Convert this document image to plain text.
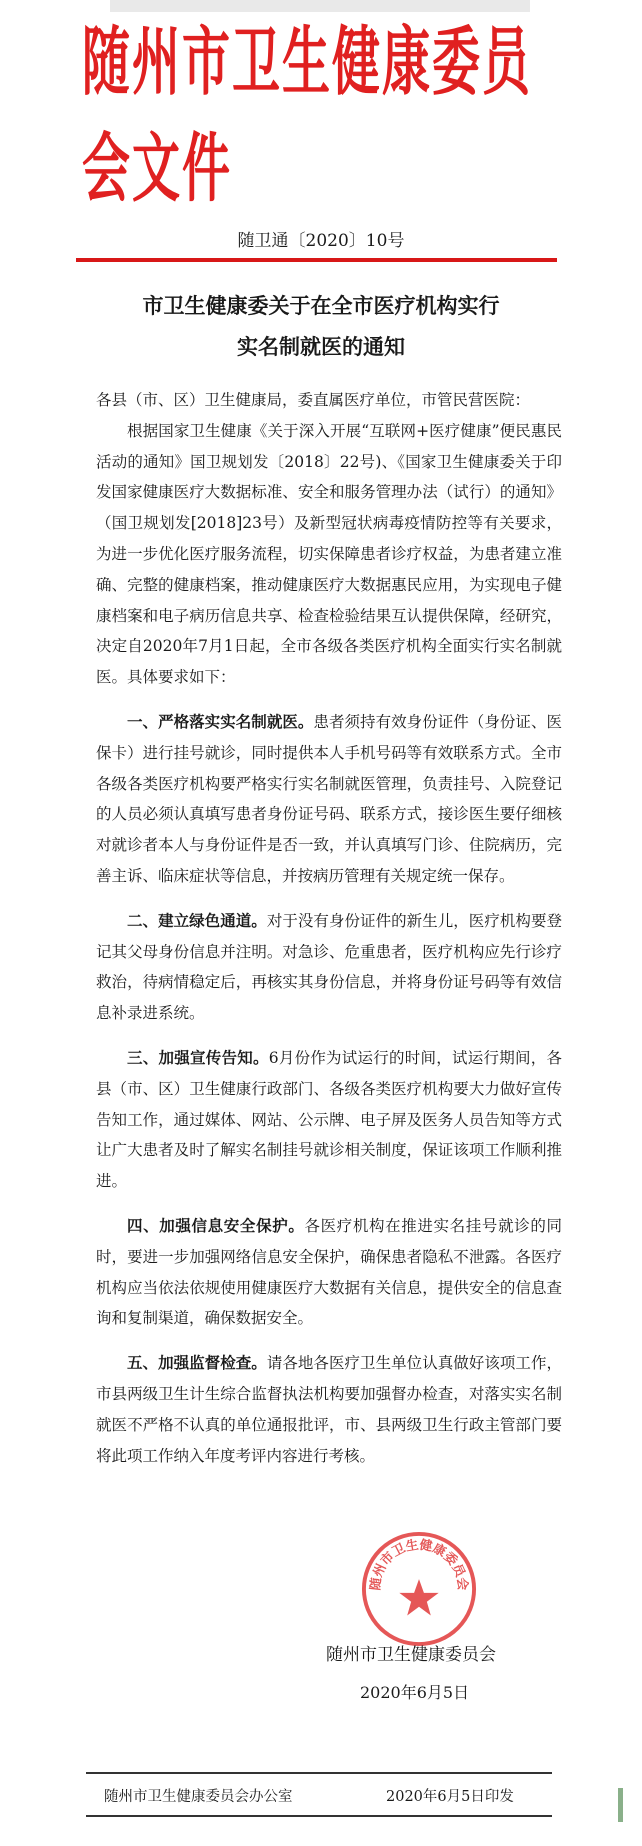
随州市卫生健康委员会文件
随卫通〔2020〕10号
市卫生健康委关于在全市医疗机构实行
实名制就医的通知

各县（市、区）卫生健康局，委直属医疗单位，市管民营医院：

根据国家卫生健康《关于深入开展“互联网+医疗健康”便民惠民活动的通知》国卫规划发〔2018〕22号)、《国家卫生健康委关于印发国家健康医疗大数据标准、安全和服务管理办法（试行）的通知》（国卫规划发[2018]23号）及新型冠状病毒疫情防控等有关要求，为进一步优化医疗服务流程，切实保障患者诊疗权益，为患者建立准确、完整的健康档案，推动健康医疗大数据惠民应用，为实现电子健康档案和电子病历信息共享、检查检验结果互认提供保障，经研究，决定自2020年7月1日起，全市各级各类医疗机构全面实行实名制就医。具体要求如下：

一、严格落实实名制就医。患者须持有效身份证件（身份证、医保卡）进行挂号就诊，同时提供本人手机号码等有效联系方式。全市各级各类医疗机构要严格实行实名制就医管理，负责挂号、入院登记的人员必须认真填写患者身份证号码、联系方式，接诊医生要仔细核对就诊者本人与身份证件是否一致，并认真填写门诊、住院病历，完善主诉、临床症状等信息，并按病历管理有关规定统一保存。

二、建立绿色通道。对于没有身份证件的新生儿，医疗机构要登记其父母身份信息并注明。对急诊、危重患者，医疗机构应先行诊疗救治，待病情稳定后，再核实其身份信息，并将身份证号码等有效信息补录进系统。

三、加强宣传告知。6月份作为试运行的时间，试运行期间，各县（市、区）卫生健康行政部门、各级各类医疗机构要大力做好宣传告知工作，通过媒体、网站、公示牌、电子屏及医务人员告知等方式让广大患者及时了解实名制挂号就诊相关制度，保证该项工作顺利推进。

四、加强信息安全保护。各医疗机构在推进实名挂号就诊的同时，要进一步加强网络信息安全保护，确保患者隐私不泄露。各医疗机构应当依法依规使用健康医疗大数据有关信息，提供安全的信息查询和复制渠道，确保数据安全。

五、加强监督检查。请各地各医疗卫生单位认真做好该项工作，市县两级卫生计生综合监督执法机构要加强督办检查，对落实实名制就医不严格不认真的单位通报批评，市、县两级卫生行政主管部门要将此项工作纳入年度考评内容进行考核。

随州市卫生健康委员会
随州市卫生健康委员会
2020年6月5日
随州市卫生健康委员会办公室	2020年6月5日印发
